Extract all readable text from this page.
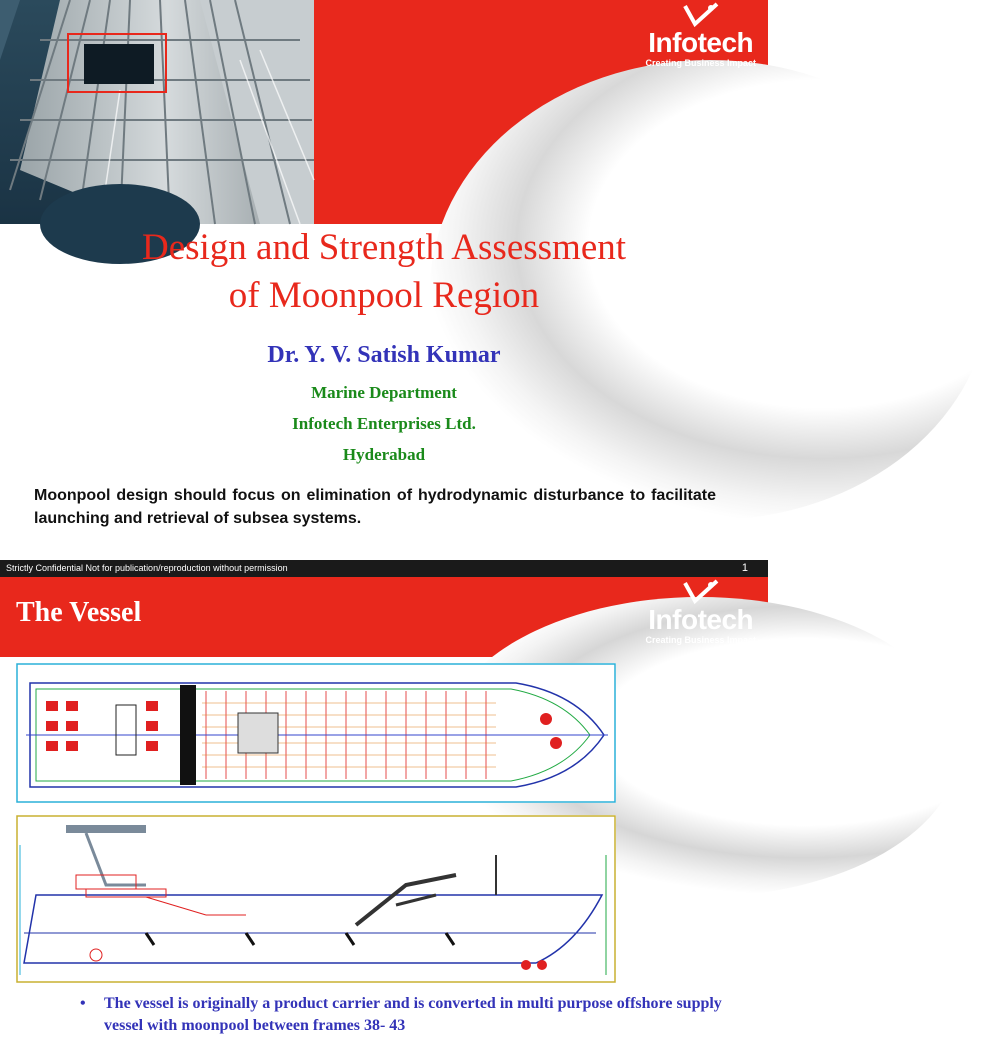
Infotech
Creating Business Impact
Design and Strength Assessment
of Moonpool Region
Dr. Y. V. Satish Kumar
Marine Department
Infotech Enterprises Ltd.
Hyderabad
Moonpool design should focus on elimination of hydrodynamic disturbance to facilitate launching and retrieval of subsea systems.
Strictly Confidential Not for publication/reproduction without permission	1
The Vessel	Infotech
Creating Business Impact
• The vessel is originally a product carrier and is converted in multi purpose offshore supply vessel with moonpool between frames 38- 43
